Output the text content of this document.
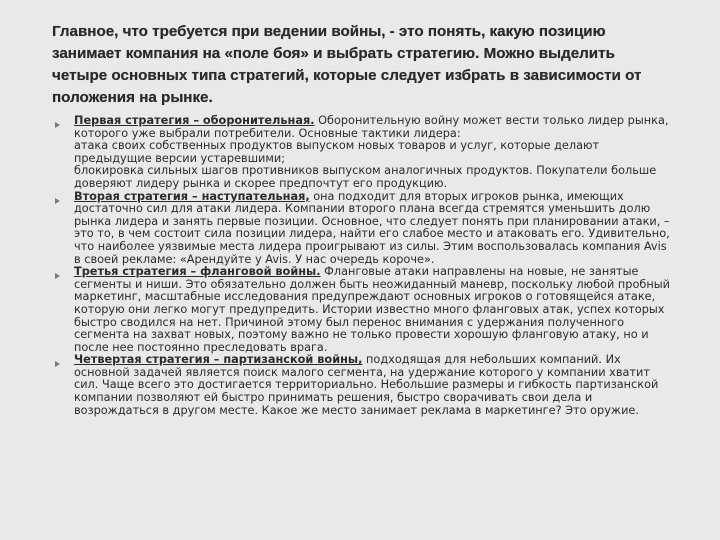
Главное, что требуется при ведении войны, - это понять, какую позицию занимает компания на «поле боя» и выбрать стратегию. Можно выделить четыре основных типа стратегий, которые следует избрать в зависимости от положения на рынке.

Первая стратегия – оборонительная. Оборонительную войну может вести только лидер рынка, которого уже выбрали потребители. Основные тактики лидера:

атака своих собственных продуктов выпуском новых товаров и услуг, которые делают предыдущие версии устаревшими;

блокировка сильных шагов противников выпуском аналогичных продуктов. Покупатели больше доверяют лидеру рынка и скорее предпочтут его продукцию.

Вторая стратегия – наступательная, она подходит для вторых игроков рынка, имеющих достаточно сил для атаки лидера. Компании второго плана всегда стремятся уменьшить долю рынка лидера и занять первые позиции. Основное, что следует понять при планировании атаки, – это то, в чем состоит сила позиции лидера, найти его слабое место и атаковать его. Удивительно, что наиболее уязвимые места лидера проигрывают из силы. Этим воспользовалась компания Avis в своей рекламе: «Арендуйте у Avis. У нас очередь короче».

Третья стратегия – фланговой войны. Фланговые атаки направлены на новые, не занятые сегменты и ниши. Это обязательно должен быть неожиданный маневр, поскольку любой пробный маркетинг, масштабные исследования предупреждают основных игроков о готовящейся атаке, которую они легко могут предупредить. Истории известно много фланговых атак, успех которых быстро сводился на нет. Причиной этому был перенос внимания с удержания полученного сегмента на захват новых, поэтому важно не только провести хорошую фланговую атаку, но и после нее постоянно преследовать врага.

Четвертая стратегия – партизанской войны, подходящая для небольших компаний. Их основной задачей является поиск малого сегмента, на удержание которого у компании хватит сил. Чаще всего это достигается территориально. Небольшие размеры и гибкость партизанской компании позволяют ей быстро принимать решения, быстро сворачивать свои дела и возрождаться в другом месте. Какое же место занимает реклама в маркетинге? Это оружие.
